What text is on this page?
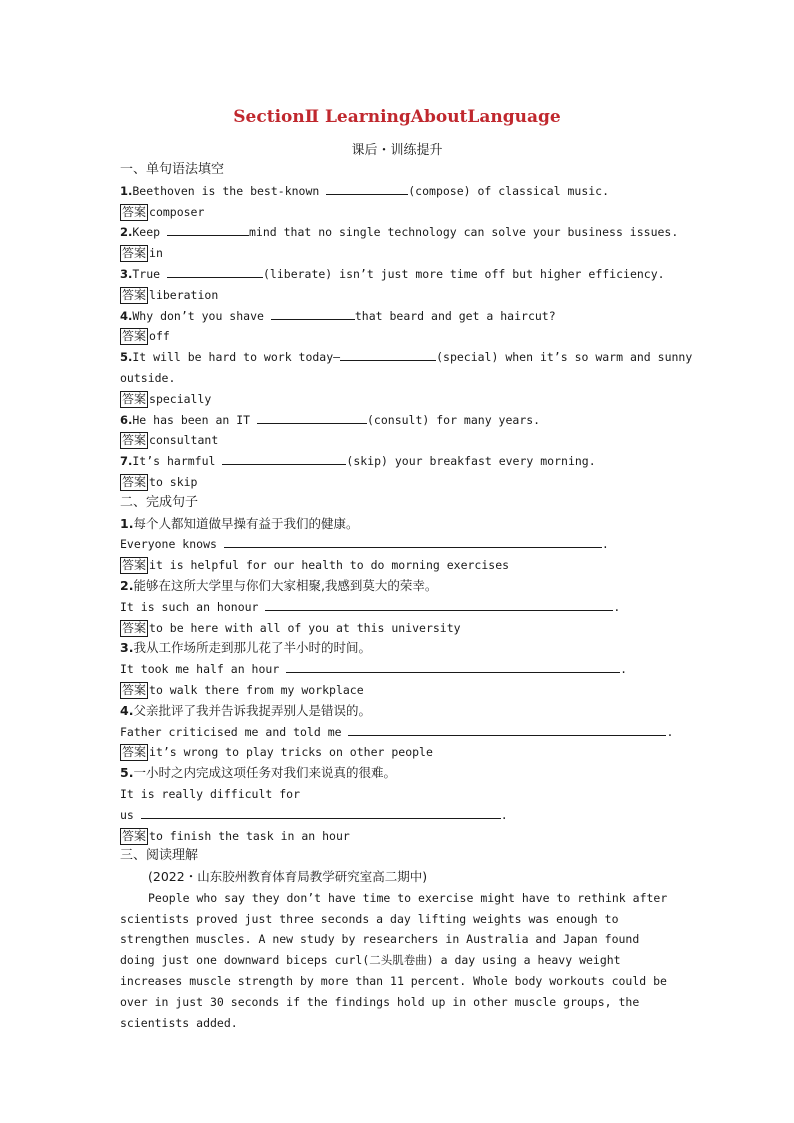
SectionⅡ LearningAboutLanguage
课后・训练提升
一、单句语法填空
1.Beethoven is the best-known	(compose) of classical music.
答案 composer
2.Keep	mind that no single technology can solve your business issues.
答案 in
3.True	(liberate) isn’t just more time off but higher efficiency.
答案 liberation
4.Why don’t you shave	that beard and get a haircut?
答案 off
5.It will be hard to work today—	(special) when it’s so warm and sunny
outside.
答案 specially
6.He has been an IT	(consult) for many years.
答案 consultant
7.It’s harmful	(skip) your breakfast every morning.
答案 to skip
二、完成句子
1.每个人都知道做早操有益于我们的健康。
Everyone knows	.
答案 it is helpful for our health to do morning exercises
2.能够在这所大学里与你们大家相聚,我感到莫大的荣幸。
It is such an honour	.
答案 to be here with all of you at this university
3.我从工作场所走到那儿花了半小时的时间。
It took me half an hour	.
答案 to walk there from my workplace
4.父亲批评了我并告诉我捉弄别人是错误的。
Father criticised me and told me	.
答案 it’s wrong to play tricks on other people
5.一小时之内完成这项任务对我们来说真的很难。
It is really difficult for
us	.
答案 to finish the task in an hour
三、阅读理解
(2022・山东胶州教育体育局教学研究室高二期中)
People who say they don’t have time to exercise might have to rethink after scientists proved just three seconds a day lifting weights was enough to strengthen muscles. A new study by researchers in Australia and Japan found doing just one downward biceps curl(二头肌卷曲) a day using a heavy weight increases muscle strength by more than 11 percent. Whole body workouts could be over in just 30 seconds if the findings hold up in other muscle groups, the scientists added.
